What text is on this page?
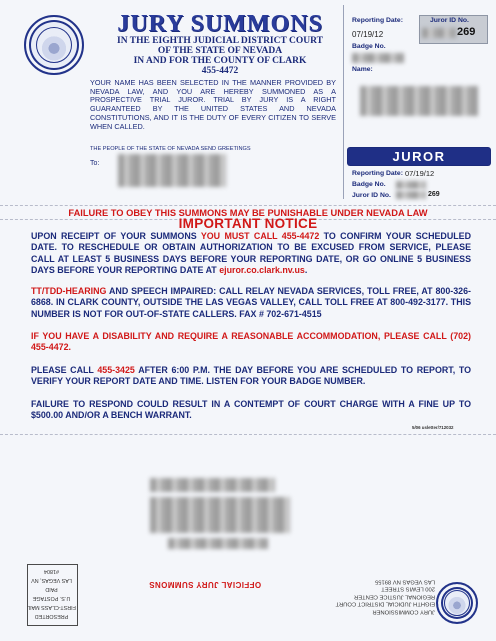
JURY SUMMONS
IN THE EIGHTH JUDICIAL DISTRICT COURT
OF THE STATE OF NEVADA
IN AND FOR THE COUNTY OF CLARK
455-4472
YOUR NAME HAS BEEN SELECTED IN THE MANNER PROVIDED BY NEVADA LAW, AND YOU ARE HEREBY SUMMONED AS A PROSPECTIVE TRIAL JUROR. TRIAL BY JURY IS A RIGHT GUARANTEED BY THE UNITED STATES AND NEVADA CONSTITUTIONS, AND IT IS THE DUTY OF EVERY CITIZEN TO SERVE WHEN CALLED.
THE PEOPLE OF THE STATE OF NEVADA SEND GREETINGS
To:
Reporting Date:
07/19/12
Juror ID No.
269
Badge No.
Name:
JUROR
Reporting Date: 07/19/12
Badge No.
Juror ID No.	269
FAILURE TO OBEY THIS SUMMONS MAY BE PUNISHABLE UNDER NEVADA LAW
IMPORTANT NOTICE
UPON RECEIPT OF YOUR SUMMONS YOU MUST CALL 455-4472 TO CONFIRM YOUR SCHEDULED DATE. TO RESCHEDULE OR OBTAIN AUTHORIZATION TO BE EXCUSED FROM SERVICE, PLEASE CALL AT LEAST 5 BUSINESS DAYS BEFORE YOUR REPORTING DATE, OR GO ONLINE 5 BUSINESS DAYS BEFORE YOUR REPORTING DATE AT ejuror.co.clark.nv.us.
TT/TDD-HEARING AND SPEECH IMPAIRED: CALL RELAY NEVADA SERVICES, TOLL FREE, AT 800-326-6868. IN CLARK COUNTY, OUTSIDE THE LAS VEGAS VALLEY, CALL TOLL FREE AT 800-492-3177. THIS NUMBER IS NOT FOR OUT-OF-STATE CALLERS. FAX # 702-671-4515
IF YOU HAVE A DISABILITY AND REQUIRE A REASONABLE ACCOMMODATION, PLEASE CALL (702) 455-4472.
PLEASE CALL 455-3425 AFTER 6:00 P.M. THE DAY BEFORE YOU ARE SCHEDULED TO REPORT, TO VERIFY YOUR REPORT DATE AND TIME. LISTEN FOR YOUR BADGE NUMBER.
FAILURE TO RESPOND COULD RESULT IN A CONTEMPT OF COURT CHARGE WITH A FINE UP TO $500.00 AND/OR A BENCH WARRANT.
5/06 usletter/712032
PRESORTED
FIRST-CLASS MAIL
U.S. POSTAGE
PAID
LAS VEGAS, NV
#1804
OFFICIAL JURY SUMMONS
JURY COMMISSIONER
EIGHTH JUDICIAL DISTRICT COURT
REGIONAL JUSTICE CENTER
200 LEWIS STREET
LAS VEGAS NV 89155
